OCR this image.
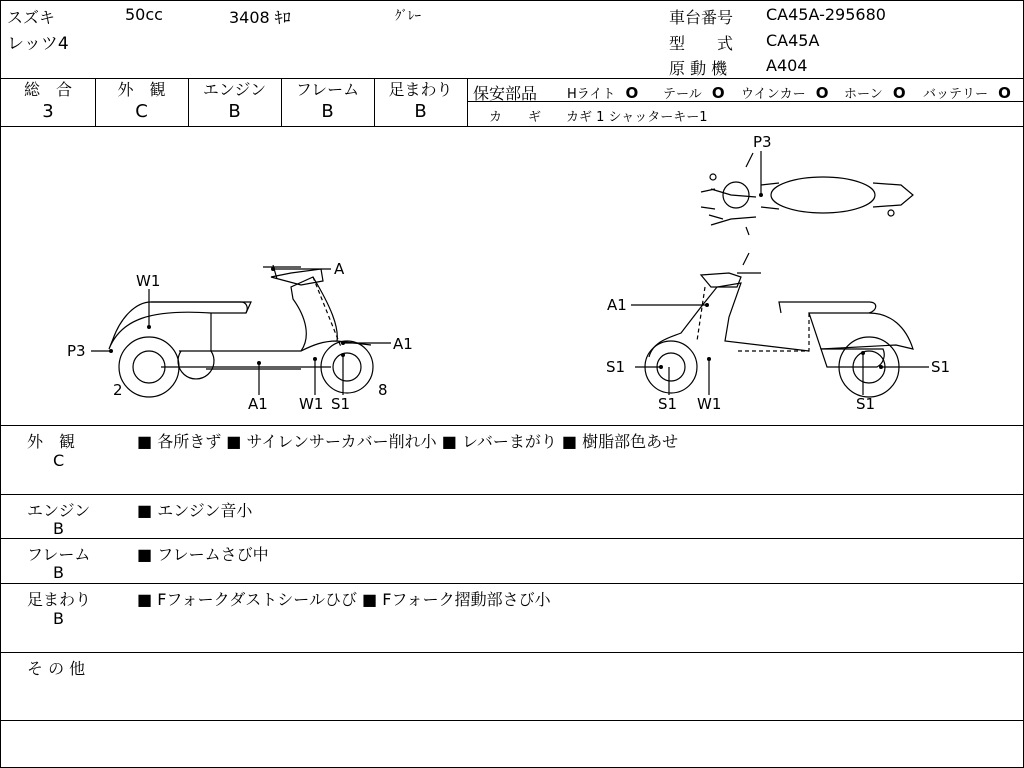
スズキ	50cc	3408 ｷﾛ	ｸﾞﾚｰ
レッツ4
車台番号 CA45A-295680
型　　式 CA45A
原 動 機 A404
総　合
3
外　観
C
エンジン
B
フレーム
B
足まわり
B
保安部品 Hライト O テール O ウインカー O ホーン O バッテリー O
カ　　ギ カギ 1 シャッターキー1
P3
A
W1
A1
P3
2
A1 W1 S1
8
A1
S1	S1
S1 W1	S1
外　観
C
■ 各所きず ■ サイレンサーカバー削れ小 ■ レバーまがり ■ 樹脂部色あせ
エンジン
B
■ エンジン音小
フレーム
B
■ フレームさび中
足まわり
B
■ Fフォークダストシールひび ■ Fフォーク摺動部さび小
そ の 他
